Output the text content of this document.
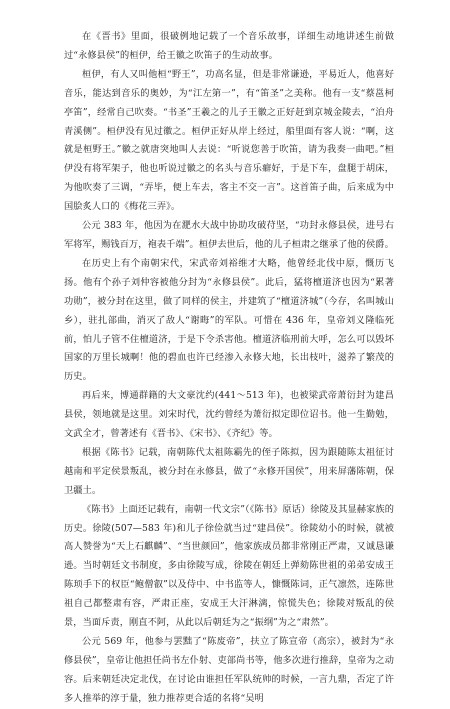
在《晋书》里面，很破例地记载了一个音乐故事，详细生动地讲述生前做过“永修县侯”的桓伊，给王徽之吹笛子的生动故事。

桓伊，有人又叫他桓“野王”，功高名显，但是非常谦逊，平易近人，他喜好音乐，能达到音乐的奥妙，为“江左第一”，有“笛圣”之美称。他有一支“蔡邕柯亭笛”，经常自己吹奏。“书圣”王羲之的儿子王徽之正好赶到京城金陵去，“泊舟青溪侧”。桓伊没有见过徽之。桓伊正好从岸上经过，船里面有客人说：“啊，这就是桓野王。”徽之就唐突地叫人去说：“听说您善于吹笛，请为我奏一曲吧。”桓伊没有将军架子，他也听说过徽之的名头与音乐癖好，于是下车，盘腿于胡床，为他吹奏了三调，“弄毕，便上车去，客主不交一言”。这首笛子曲，后来成为中国脍炙人口的《梅花三弄》。

公元 383 年，他因为在淝水大战中协助攻破苻坚，“功封永修县侯，进号右军将军，赐钱百万，袍表千端”。桓伊去世后，他的儿子桓肃之继承了他的侯爵。

在历史上有个南朝宋代，宋武帝刘裕维才大略，他曾经北伐中原，慨历飞扬。他有个孙子刘仲容被他分封为“永修县侯”。此后，猛将檀道济也因为“累著功勋”，被分封在这里，做了同样的侯主，并建筑了“檀道济城”（今存，名叫城山乡），驻扎部曲，消灭了敌人“谢晦”的军队。可惜在 436 年，皇帝刘义隆临死前，怕儿子管不住檀道济，于是下令杀害他。檀道济临刑前大呼，怎么可以毁坏国家的万里长城啊！他的碧血也许已经渗入永修大地，长出枝叶，滋养了繁茂的历史。

再后来，博通群籍的大文豪沈约(441～513 年)，也被梁武帝萧衍封为建昌县侯，领地就是这里。刘宋时代，沈约曾经为萧衍拟定即位诏书。他一生勤勉，文武全才，曾著述有《晋书》、《宋书》、《齐纪》等。

根据《陈书》记载，南朝陈代太祖陈霸先的侄子陈拟，因为跟随陈太祖征讨越南和平定侯景叛乱，被分封在永修县，做了“永修开国侯”，用来屏藩陈朝，保卫疆土。

《陈书》上面还记载有，南朝一代文宗”（《陈书》原话）徐陵及其显赫家族的历史。徐陵(507—583 年)和儿子徐俭就当过“建昌侯”。徐陵幼小的时候，就被高人赞誉为“天上石麒麟”、“当世颜回”，他家族成员都非常刚正严肃，又诚恳谦逊。当时朝廷文书制度，多由徐陵写成，徐陵在朝廷上弹劾陈世祖的弟弟安成王陈顼手下的权臣“鲍僧叡”以及侍中、中书监等人，慷慨陈词，正气凛然，连陈世祖自己都整肃有容，严肃正座，安成王大汗淋漓，惊慌失色；徐陵对叛乱的侯景，当面斥责，刚直不阿，从此以后朝廷为之“振纲”为之“肃然”。

公元 569 年，他参与罢黜了“陈废帝”，扶立了陈宣帝（高宗），被封为“永修县侯”，皇帝让他担任尚书左仆射、吏部尚书等，他多次进行推辞，皇帝为之动容。后来朝廷决定北伐，在讨论由谁担任军队统帅的时候，一言九鼎，否定了许多人推举的淳于量，独力推荐更合适的名将“吴明
